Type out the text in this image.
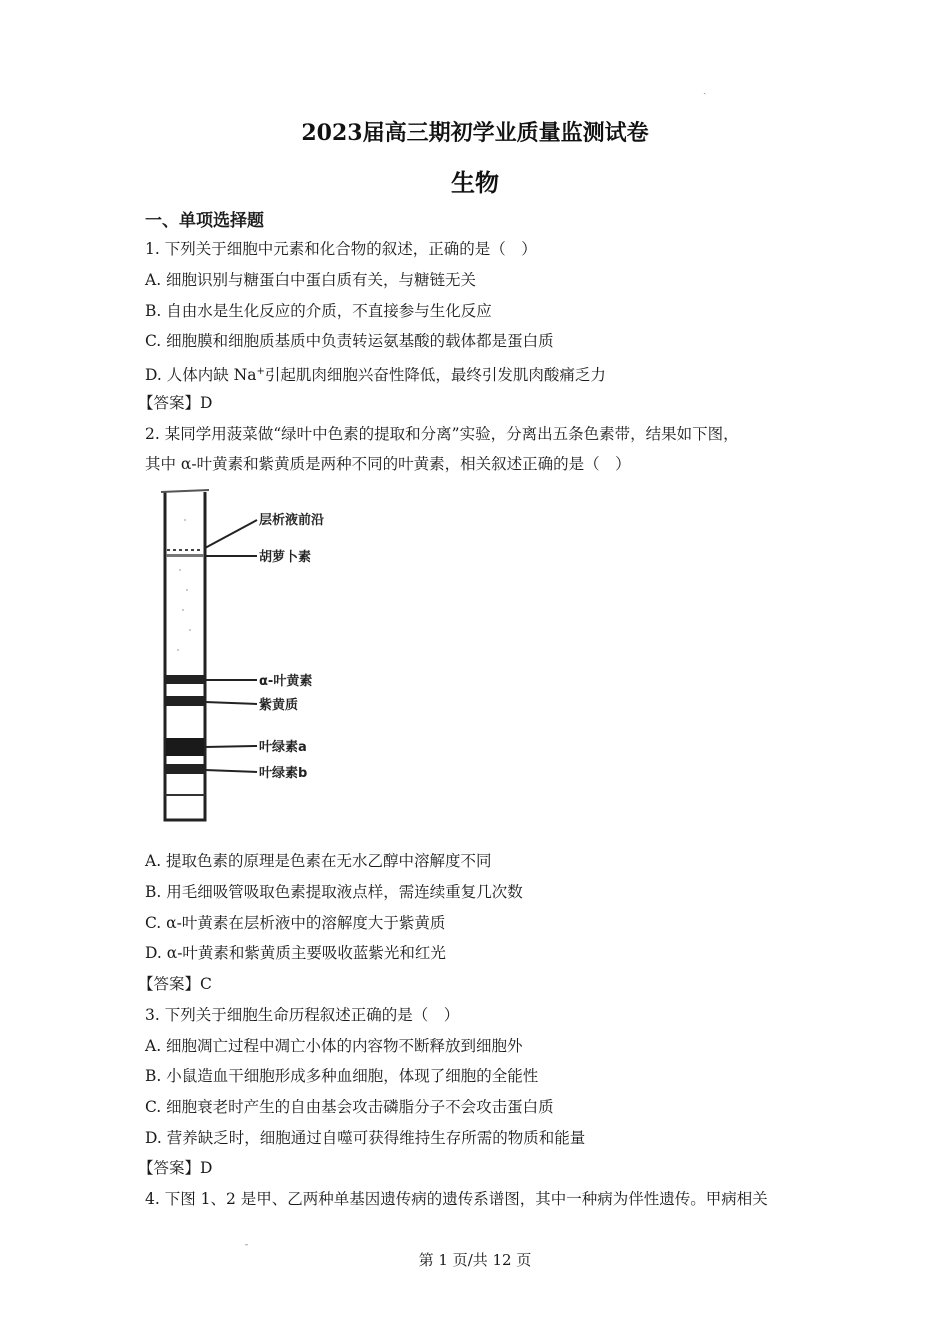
ˎ
2023届高三期初学业质量监测试卷
生物
一、单项选择题
1. 下列关于细胞中元素和化合物的叙述，正确的是（　）
A. 细胞识别与糖蛋白中蛋白质有关，与糖链无关
B. 自由水是生化反应的介质，不直接参与生化反应
C. 细胞膜和细胞质基质中负责转运氨基酸的载体都是蛋白质
D. 人体内缺 Na+引起肌肉细胞兴奋性降低，最终引发肌肉酸痛乏力
【答案】D
2. 某同学用菠菜做“绿叶中色素的提取和分离”实验，分离出五条色素带，结果如下图，
其中 α-叶黄素和紫黄质是两种不同的叶黄素，相关叙述正确的是（　）
层析液前沿
胡萝卜素
α-叶黄素
紫黄质
叶绿素a
叶绿素b
A. 提取色素的原理是色素在无水乙醇中溶解度不同
B. 用毛细吸管吸取色素提取液点样，需连续重复几次数
C. α-叶黄素在层析液中的溶解度大于紫黄质
D. α-叶黄素和紫黄质主要吸收蓝紫光和红光
【答案】C
3. 下列关于细胞生命历程叙述正确的是（　）
A. 细胞凋亡过程中凋亡小体的内容物不断释放到细胞外
B. 小鼠造血干细胞形成多种血细胞，体现了细胞的全能性
C. 细胞衰老时产生的自由基会攻击磷脂分子不会攻击蛋白质
D. 营养缺乏时，细胞通过自噬可获得维持生存所需的物质和能量
【答案】D
4. 下图 1、2 是甲、乙两种单基因遗传病的遗传系谱图，其中一种病为伴性遗传。甲病相关
ˉ
第 1 页/共 12 页
